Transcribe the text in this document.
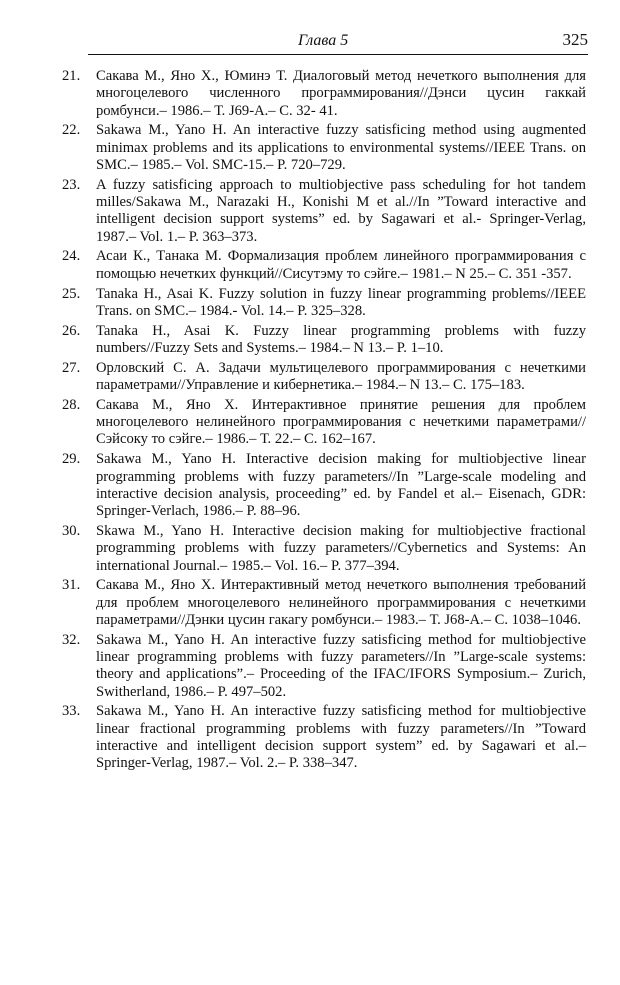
Глава 5	325
21.	Сакава М., Яно Х., Юминэ Т. Диалоговый метод нечеткого выполнения для многоцелевого численного программирования//Дэнси цусин гаккай ромбунси.– 1986.– Т. J69-A.– С. 32- 41.
22.	Sakawa M., Yano H. An interactive fuzzy satisficing method using augmented minimax problems and its applications to environmental systems//IEEE Trans. on SMC.– 1985.– Vol. SMC-15.– P. 720–729.
23.	A fuzzy satisficing approach to multiobjective pass scheduling for hot tandem milles/Sakawa M., Narazaki H., Konishi M et al.//In ”Toward interactive and intelligent decision support systems” ed. by Sagawari et al.- Springer-Verlag, 1987.– Vol. 1.– P. 363–373.
24.	Асаи К., Танака М. Формализация проблем линейного программирования с помощью нечетких функций//Сисутэму то сэйге.– 1981.– N 25.– С. 351 -357.
25.	Tanaka H., Asai K. Fuzzy solution in fuzzy linear programming problems//IEEE Trans. on SMC.– 1984.- Vol. 14.– P. 325–328.
26.	Tanaka H., Asai K. Fuzzy linear programming problems with fuzzy numbers//Fuzzy Sets and Systems.– 1984.– N 13.– P. 1–10.
27.	Орловский С. А. Задачи мультицелевого программирования с нечеткими параметрами//Управление и кибернетика.– 1984.– N 13.– С. 175–183.
28.	Сакава М., Яно Х. Интерактивное принятие решения для проблем многоцелевого нелинейного программирования с нечеткими параметрами//Сэйсоку то сэйге.– 1986.– Т. 22.– С. 162–167.
29.	Sakawa M., Yano H. Interactive decision making for multiobjective linear programming problems with fuzzy parameters//In ”Large-scale modeling and interactive decision analysis, proceeding” ed. by Fandel et al.– Eisenach, GDR: Springer-Verlach, 1986.– P. 88–96.
30.	Skawa M., Yano H. Interactive decision making for multiobjective fractional programming problems with fuzzy parameters//Cybernetics and Systems: An international Journal.– 1985.– Vol. 16.– P. 377–394.
31.	Сакава М., Яно Х. Интерактивный метод нечеткого выполнения требований для проблем многоцелевого нелинейного программирования с нечеткими параметрами//Дэнки цусин гакагу ромбунси.– 1983.– Т. J68-A.– С. 1038–1046.
32.	Sakawa M., Yano H. An interactive fuzzy satisficing method for multiobjective linear programming problems with fuzzy parameters//In ”Large-scale systems: theory and applications”.– Proceeding of the IFAC/IFORS Symposium.– Zurich, Switherland, 1986.– P. 497–502.
33.	Sakawa M., Yano H. An interactive fuzzy satisficing method for multiobjective linear fractional programming problems with fuzzy parameters//In ”Toward interactive and intelligent decision support system” ed. by Sagawari et al.– Springer-Verlag, 1987.– Vol. 2.– P. 338–347.
